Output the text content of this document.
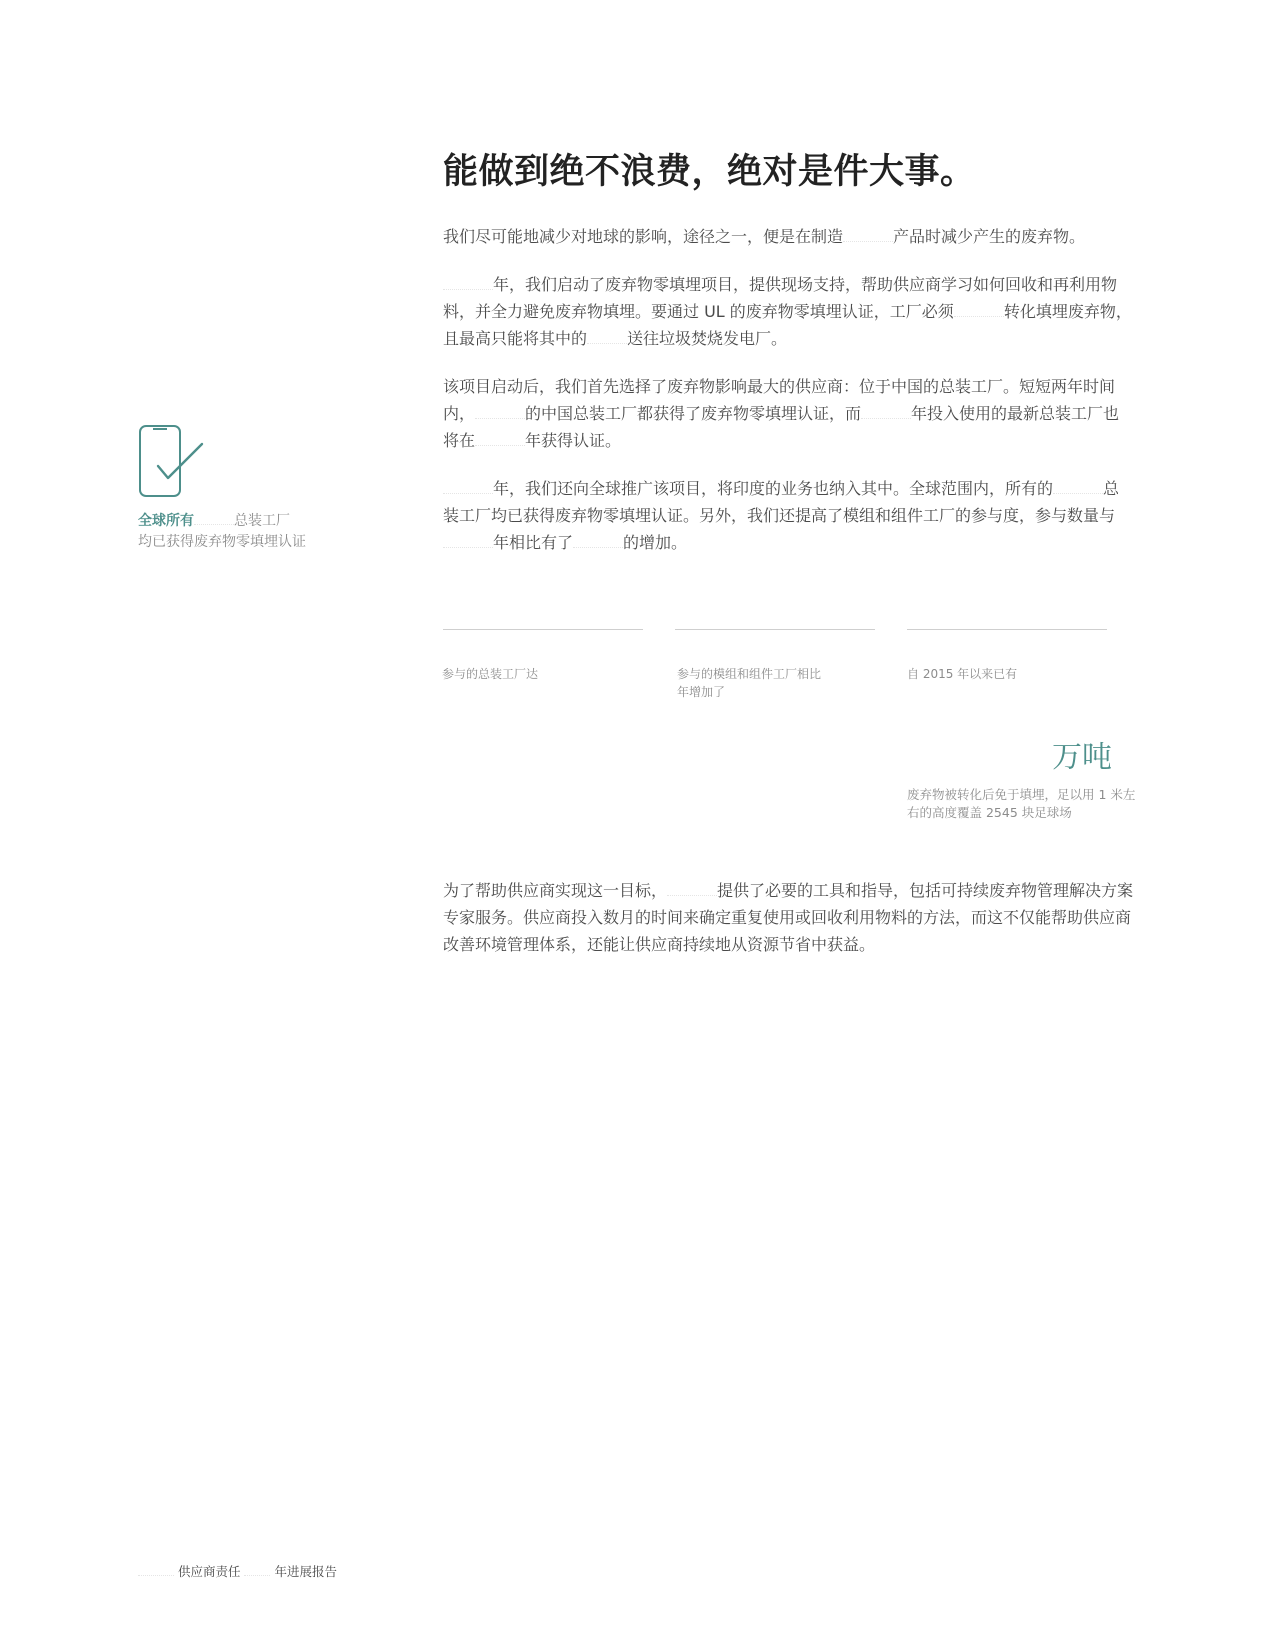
能做到绝不浪费，绝对是件大事。

我们尽可能地减少对地球的影响，途径之一，便是在制造	产品时减少产生的废弃物。

年，我们启动了废弃物零填埋项目，提供现场支持，帮助供应商学习如何回收和再利用物料，并全力避免废弃物填埋。要通过 UL 的废弃物零填埋认证，工厂必须	转化填埋废弃物，且最高只能将其中的	送往垃圾焚烧发电厂。

该项目启动后，我们首先选择了废弃物影响最大的供应商：位于中国的总装工厂。短短两年时间内，	的中国总装工厂都获得了废弃物零填埋认证，而	年投入使用的最新总装工厂也将在	年获得认证。

年，我们还向全球推广该项目，将印度的业务也纳入其中。全球范围内，所有的	总装工厂均已获得废弃物零填埋认证。另外，我们还提高了模组和组件工厂的参与度，参与数量与年相比有了	的增加。

全球所有	总装工厂
均已获得废弃物零填埋认证
参与的总装工厂达	参与的模组和组件工厂相比
年增加了
自 2015 年以来已有
万吨
废弃物被转化后免于填埋，足以用 1 米左右的高度覆盖 2545 块足球场

为了帮助供应商实现这一目标，	提供了必要的工具和指导，包括可持续废弃物管理解决方案专家服务。供应商投入数月的时间来确定重复使用或回收利用物料的方法，而这不仅能帮助供应商改善环境管理体系，还能让供应商持续地从资源节省中获益。

供应商责任	年进展报告
